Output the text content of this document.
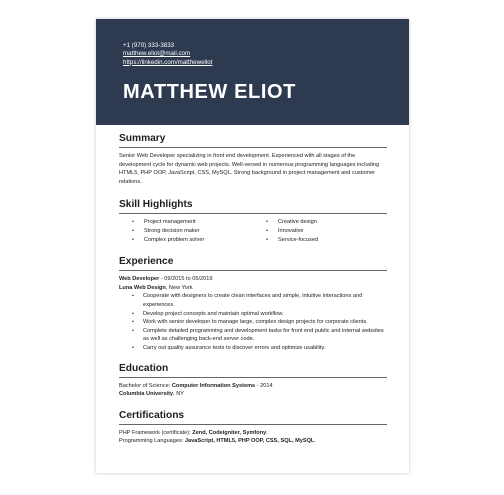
+1 (970) 333-3833
matthew.eliot@mail.com
https://linkedin.com/matthewellot
MATTHEW ELIOT
Summary

Senior Web Developer specializing in front end development. Experienced with all stages of the development cycle for dynamic web projects. Well-versed in numerous programming languages including HTML5, PHP OOP, JavaScript, CSS, MySQL. Strong background in project management and customer relations.

Skill Highlights
• Project management
• Strong decision maker
• Complex problem solver
• Creative design
• Innovative
• Service-focused
Experience

Web Developer - 09/2015 to 05/2019

Luna Web Design, New York

• Cooperate with designers to create clean interfaces and simple, intuitive interactions and experiences.
• Develop project concepts and maintain optimal workflow.
• Work with senior developer to manage large, complex design projects for corporate clients.
• Complete detailed programming and development tasks for front end public and internal websites as well as challenging back-end server code.
• Carry out quality assurance tests to discover errors and optimize usability.
Education

Bachelor of Science: Computer Information Systems - 2014

Columbia University, NY

Certifications

PHP Framework (certificate): Zend, Codeigniter, Symfony.

Programming Languages: JavaScript, HTML5, PHP OOP, CSS, SQL, MySQL.
